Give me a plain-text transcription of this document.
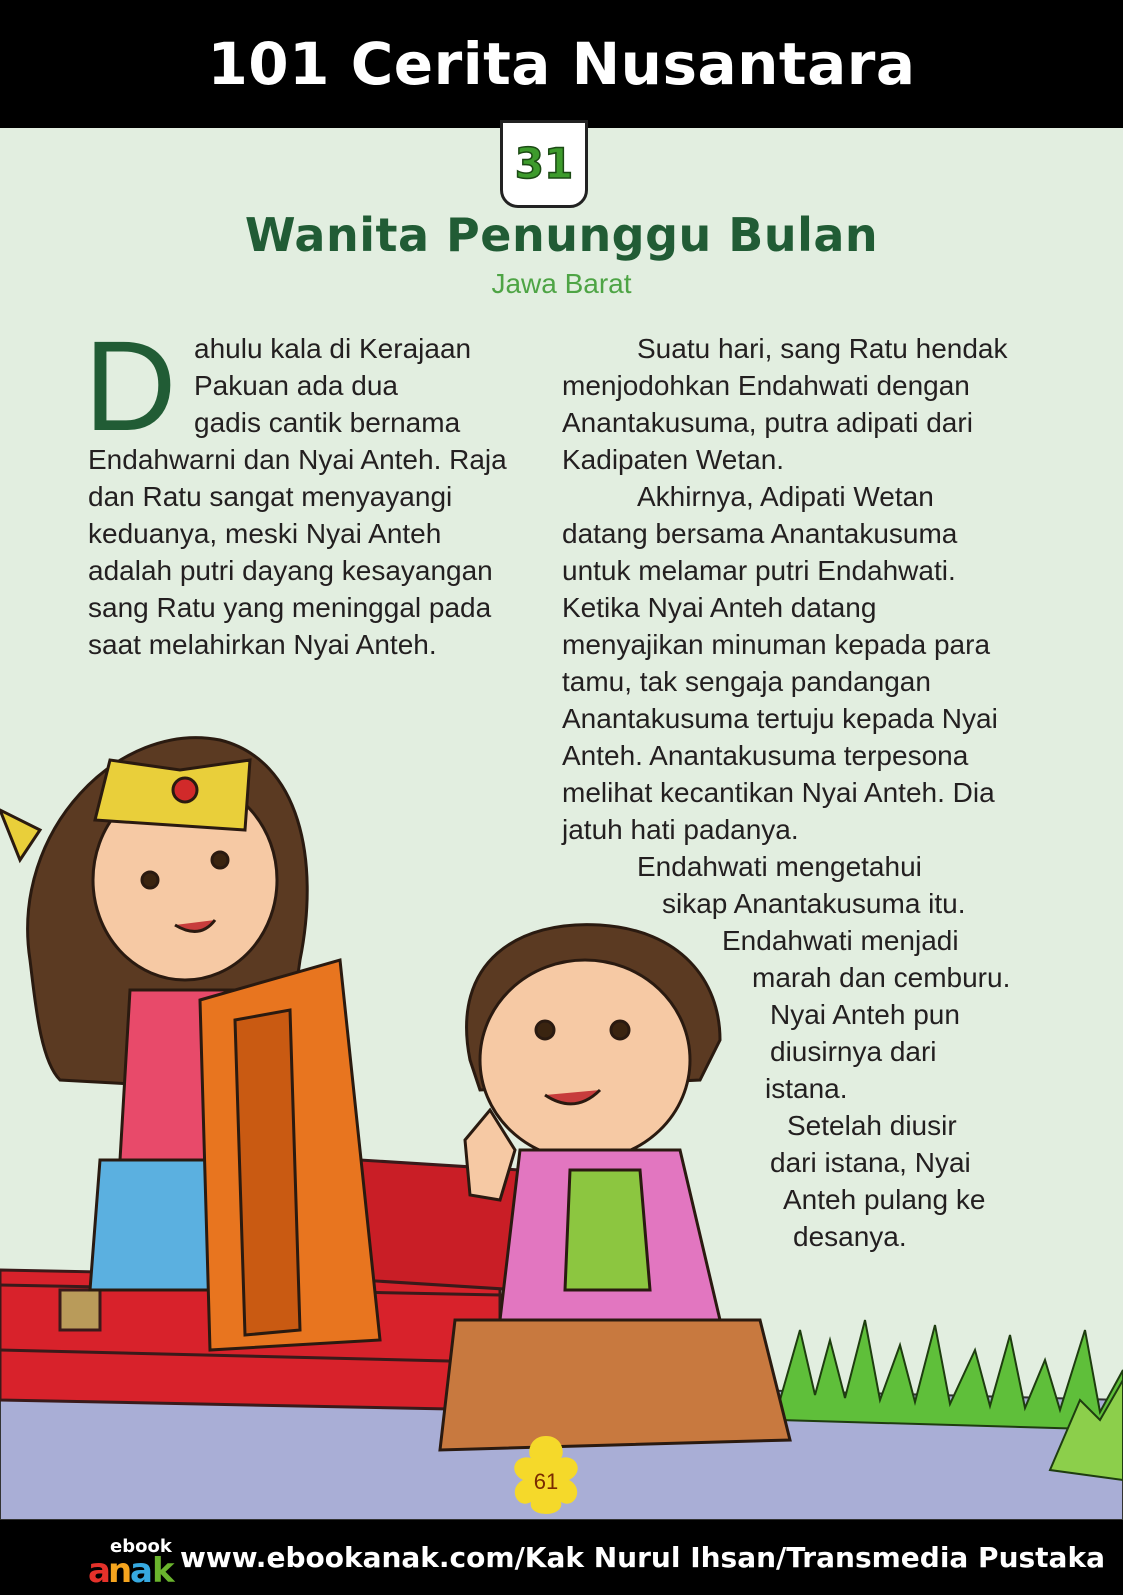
101 Cerita Nusantara
31
Wanita Penunggu Bulan
Jawa Barat
D
61
ebook
a
n
a k www.ebookanak.com/Kak Nurul Ihsan/Transmedia Pustaka
ahulu kala di Kerajaan
Pakuan ada dua
gadis cantik bernama
Endahwarni dan Nyai Anteh. Raja
dan Ratu sangat menyayangi
keduanya, meski Nyai Anteh
adalah putri dayang kesayangan
sang Ratu yang meninggal pada
saat melahirkan Nyai Anteh.
Suatu hari, sang Ratu hendak
menjodohkan Endahwati dengan
Anantakusuma, putra adipati dari
Kadipaten Wetan.
Akhirnya, Adipati Wetan
datang bersama Anantakusuma
untuk melamar putri Endahwati.
Ketika Nyai Anteh datang
menyajikan minuman kepada para
tamu, tak sengaja pandangan
Anantakusuma tertuju kepada Nyai
Anteh. Anantakusuma terpesona
melihat kecantikan Nyai Anteh. Dia
jatuh hati padanya.
Endahwati mengetahui
sikap Anantakusuma itu.
Endahwati menjadi
marah dan cemburu.
Nyai Anteh pun
diusirnya dari
istana.
Setelah diusir
dari istana, Nyai
Anteh pulang ke
desanya.
